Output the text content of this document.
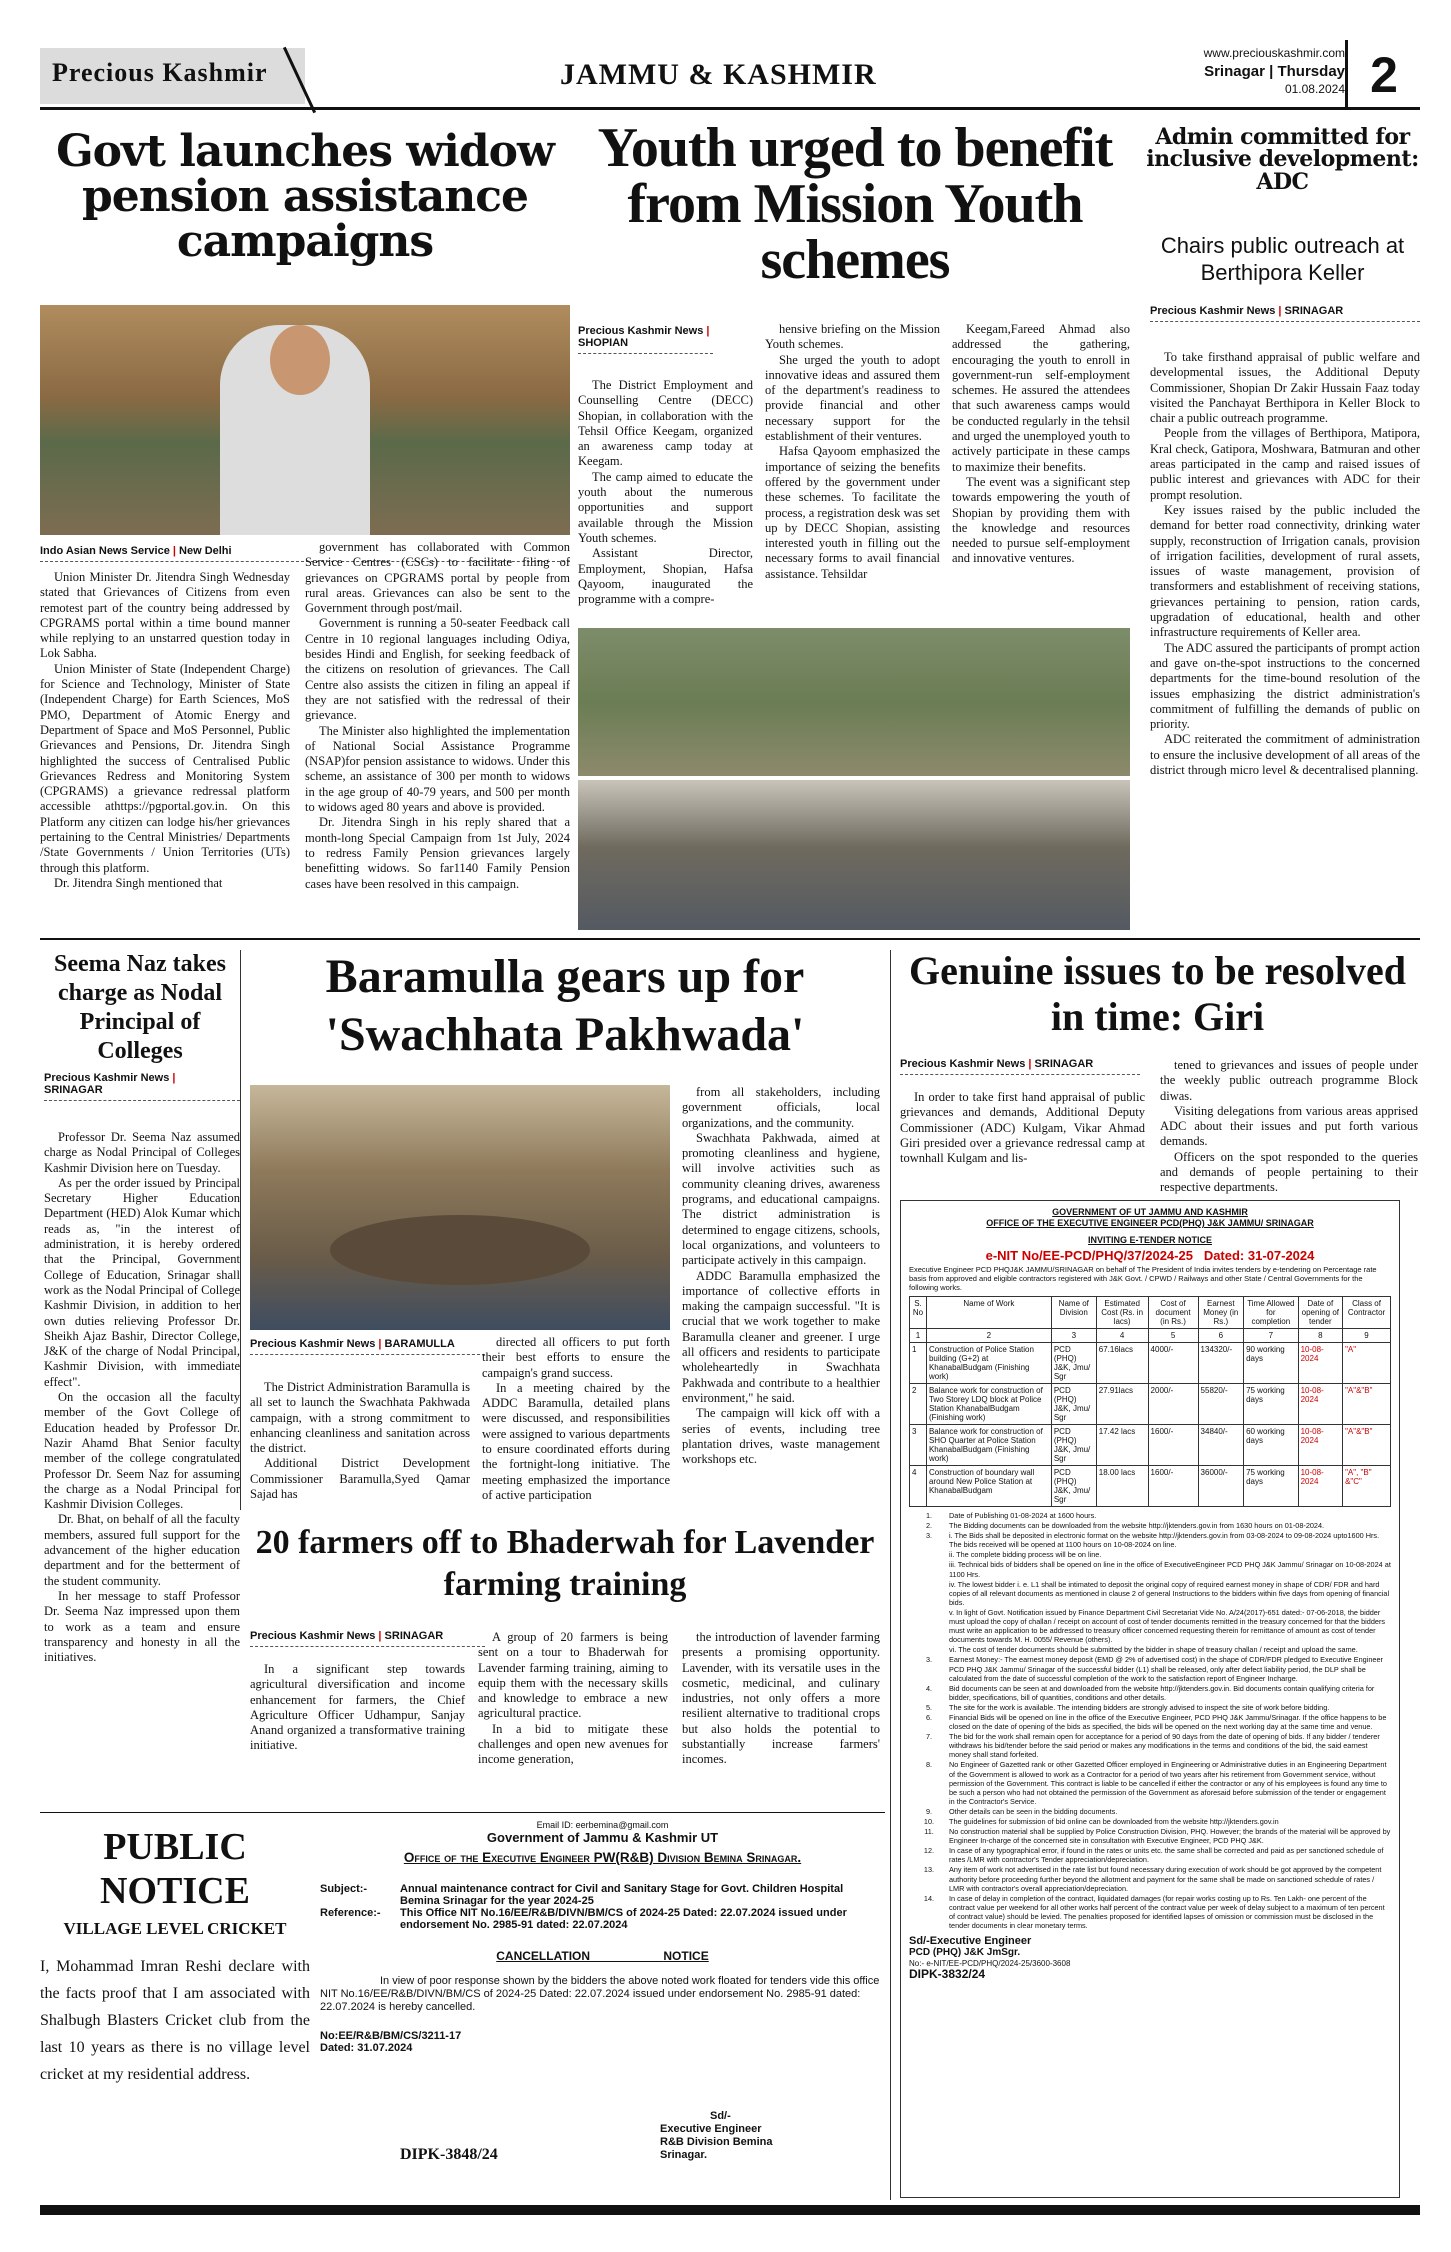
Precious Kashmir	JAMMU & KASHMIR
www.preciouskashmir.com
Srinagar | Thursday
01.08.2024 2
Govt launches widow pension assistance campaigns
Indo Asian News Service | New Delhi

Union Minister Dr. Jitendra Singh Wednesday stated that Grievances of Citizens from even remotest part of the country being addressed by CPGRAMS portal within a time bound manner while replying to an unstarred question today in Lok Sabha.

Union Minister of State (Independent Charge) for Science and Technology, Minister of State (Independent Charge) for Earth Sciences, MoS PMO, Department of Atomic Energy and Department of Space and MoS Personnel, Public Grievances and Pensions, Dr. Jitendra Singh highlighted the success of Centralised Public Grievances Redress and Monitoring System (CPGRAMS) a grievance redressal platform accessible athttps://pgportal.gov.in. On this Platform any citizen can lodge his/her grievances pertaining to the Central Ministries/ Departments /State Governments / Union Territories (UTs) through this platform.

Dr. Jitendra Singh mentioned that

government has collaborated with Common Service Centres (CSCs) to facilitate filing of grievances on CPGRAMS portal by people from rural areas. Grievances can also be sent to the Government through post/mail.

Government is running a 50-seater Feedback call Centre in 10 regional languages including Odiya, besides Hindi and English, for seeking feedback of the citizens on resolution of grievances. The Call Centre also assists the citizen in filing an appeal if they are not satisfied with the redressal of their grievance.

The Minister also highlighted the implementation of National Social Assistance Programme (NSAP)for pension assistance to widows. Under this scheme, an assistance of 300 per month to widows in the age group of 40-79 years, and 500 per month to widows aged 80 years and above is provided.

Dr. Jitendra Singh in his reply shared that a month-long Special Campaign from 1st July, 2024 to redress Family Pension grievances largely benefitting widows. So far1140 Family Pension cases have been resolved in this campaign.

Youth urged to benefit from Mission Youth schemes
Precious Kashmir News |
SHOPIAN

The District Employment and Counselling Centre (DECC) Shopian, in collaboration with the Tehsil Office Keegam, organized an awareness camp today at Keegam.

The camp aimed to educate the youth about the numerous opportunities and support available through the Mission Youth schemes.

Assistant Director, Employment, Shopian, Hafsa Qayoom, inaugurated the programme with a compre-

hensive briefing on the Mission Youth schemes.

She urged the youth to adopt innovative ideas and assured them of the department's readiness to provide financial and other necessary support for the establishment of their ventures.

Hafsa Qayoom emphasized the importance of seizing the benefits offered by the government under these schemes. To facilitate the process, a registration desk was set up by DECC Shopian, assisting interested youth in filling out the necessary forms to avail financial assistance. Tehsildar

Keegam,Fareed Ahmad also addressed the gathering, encouraging the youth to enroll in government-run self-employment schemes. He assured the attendees that such awareness camps would be conducted regularly in the tehsil and urged the unemployed youth to actively participate in these camps to maximize their benefits.

The event was a significant step towards empowering the youth of Shopian by providing them with the knowledge and resources needed to pursue self-employment and innovative ventures.

Admin committed for inclusive development: ADC
Chairs public outreach at Berthipora Keller
Precious Kashmir News | SRINAGAR

To take firsthand appraisal of public welfare and developmental issues, the Additional Deputy Commissioner, Shopian Dr Zakir Hussain Faaz today visited the Panchayat Berthipora in Keller Block to chair a public outreach programme.

People from the villages of Berthipora, Matipora, Kral check, Gatipora, Moshwara, Batmuran and other areas participated in the camp and raised issues of public interest and grievances with ADC for their prompt resolution.

Key issues raised by the public included the demand for better road connectivity, drinking water supply, reconstruction of Irrigation canals, provision of irrigation facilities, development of rural assets, issues of waste management, provision of transformers and establishment of receiving stations, grievances pertaining to pension, ration cards, upgradation of educational, health and other infrastructure requirements of Keller area.

The ADC assured the participants of prompt action and gave on-the-spot instructions to the concerned departments for the time-bound resolution of the issues emphasizing the district administration's commitment of fulfilling the demands of public on priority.

ADC reiterated the commitment of administration to ensure the inclusive development of all areas of the district through micro level & decentralised planning.

Seema Naz takes charge as Nodal Principal of Colleges
Precious Kashmir News |
SRINAGAR

Professor Dr. Seema Naz assumed charge as Nodal Principal of Colleges Kashmir Division here on Tuesday.

As per the order issued by Principal Secretary Higher Education Department (HED) Alok Kumar which reads as, "in the interest of administration, it is hereby ordered that the Principal, Government College of Education, Srinagar shall work as the Nodal Principal of College Kashmir Division, in addition to her own duties relieving Professor Dr. Sheikh Ajaz Bashir, Director College, J&K of the charge of Nodal Principal, Kashmir Division, with immediate effect".

On the occasion all the faculty member of the Govt College of Education headed by Professor Dr. Nazir Ahamd Bhat Senior faculty member of the college congratulated Professor Dr. Seem Naz for assuming the charge as a Nodal Principal for Kashmir Division Colleges.

Dr. Bhat, on behalf of all the faculty members, assured full support for the advancement of the higher education department and for the betterment of the student community.

In her message to staff Professor Dr. Seema Naz impressed upon them to work as a team and ensure transparency and honesty in all the initiatives.

Baramulla gears up for 'Swachhata Pakhwada'
Precious Kashmir News | BARAMULLA

The District Administration Baramulla is all set to launch the Swachhata Pakhwada campaign, with a strong commitment to enhancing cleanliness and sanitation across the district.

Additional District Development Commissioner Baramulla,Syed Qamar Sajad has

directed all officers to put forth their best efforts to ensure the campaign's grand success.

In a meeting chaired by the ADDC Baramulla, detailed plans were discussed, and responsibilities were assigned to various departments to ensure coordinated efforts during the fortnight-long initiative. The meeting emphasized the importance of active participation

from all stakeholders, including government officials, local organizations, and the community.

Swachhata Pakhwada, aimed at promoting cleanliness and hygiene, will involve activities such as community cleaning drives, awareness programs, and educational campaigns. The district administration is determined to engage citizens, schools, local organizations, and volunteers to participate actively in this campaign.

ADDC Baramulla emphasized the importance of collective efforts in making the campaign successful. "It is crucial that we work together to make Baramulla cleaner and greener. I urge all officers and residents to participate wholeheartedly in Swachhata Pakhwada and contribute to a healthier environment," he said.

The campaign will kick off with a series of events, including tree plantation drives, waste management workshops etc.

20 farmers off to Bhaderwah for Lavender farming training
Precious Kashmir News | SRINAGAR

In a significant step towards agricultural diversification and income enhancement for farmers, the Chief Agriculture Officer Udhampur, Sanjay Anand organized a transformative training initiative.

A group of 20 farmers is being sent on a tour to Bhaderwah for Lavender farming training, aiming to equip them with the necessary skills and knowledge to embrace a new agricultural practice.

In a bid to mitigate these challenges and open new avenues for income generation,

the introduction of lavender farming presents a promising opportunity. Lavender, with its versatile uses in the cosmetic, medicinal, and culinary industries, not only offers a more resilient alternative to traditional crops but also holds the potential to substantially increase farmers' incomes.

Genuine issues to be resolved in time: Giri
Precious Kashmir News | SRINAGAR

In order to take first hand appraisal of public grievances and demands, Additional Deputy Commissioner (ADC) Kulgam, Vikar Ahmad Giri presided over a grievance redressal camp at townhall Kulgam and lis-

tened to grievances and issues of people under the weekly public outreach programme Block diwas.

Visiting delegations from various areas apprised ADC about their issues and put forth various demands.

Officers on the spot responded to the queries and demands of people pertaining to their respective departments.

GOVERNMENT OF UT JAMMU AND KASHMIR
OFFICE OF THE EXECUTIVE ENGINEER PCD(PHQ) J&K JAMMU/ SRINAGAR
INVITING E-TENDER NOTICE
e-NIT No/EE-PCD/PHQ/37/2024-25 Dated: 31-07-2024
Executive Engineer PCD PHQJ&K JAMMU/SRINAGAR on behalf of The President of India invites tenders by e-tendering on Percentage rate basis from approved and eligible contractors registered with J&K Govt. / CPWD / Railways and other State / Central Governments for the following works.
S. No	Name of Work	Name of Division	Estimated Cost (Rs. in lacs)	Cost of document (in Rs.)	Earnest Money (in Rs.)	Time Allowed for completion	Date of opening of tender	Class of Contractor
1	2	3	4	5	6	7	8	9
1	Construction of Police Station building (G+2) at KhanabalBudgam (Finishing work)	PCD (PHQ) J&K, Jmu/ Sgr	67.16lacs	4000/-	134320/-	90 working days	10-08-2024	"A"
2	Balance work for construction of Two Storey LDQ block at Police Station KhanabalBudgam (Finishing work)	PCD (PHQ) J&K, Jmu/ Sgr	27.91lacs	2000/-	55820/-	75 working days	10-08-2024	"A"&"B"
3	Balance work for construction of SHO Quarter at Police Station KhanabalBudgam (Finishing work)	PCD (PHQ) J&K, Jmu/ Sgr	17.42 lacs	1600/-	34840/-	60 working days	10-08-2024	"A"&"B"
4	Construction of boundary wall around New Police Station at KhanabalBudgam	PCD (PHQ) J&K, Jmu/ Sgr	18.00 lacs	1600/-	36000/-	75 working days	10-08-2024	"A", "B" &"C"
1.	Date of Publishing 01-08-2024 at 1600 hours.
2.	The Bidding documents can be downloaded from the website http://jktenders.gov.in from 1630 hours on 01-08-2024.
3.	i. The Bids shall be deposited in electronic format on the website http://jktenders.gov.in from 03-08-2024 to 09-08-2024 upto1600 Hrs. The bids received will be opened at 1100 hours on 10-08-2024 on line.
ii. The complete bidding process will be on line.
iii. Technical bids of bidders shall be opened on line in the office of ExecutiveEngineer PCD PHQ J&K Jammu/ Srinagar on 10-08-2024 at 1100 Hrs.
iv. The lowest bidder i. e. L1 shall be intimated to deposit the original copy of required earnest money in shape of CDR/ FDR and hard copies of all relevant documents as mentioned in clause 2 of general Instructions to the bidders within five days from opening of financial bids.
v. In light of Govt. Notification issued by Finance Department Civil Secretariat Vide No. A/24(2017)-651 dated:- 07-06-2018, the bidder must upload the copy of challan / receipt on account of cost of tender documents remitted in the treasury concerned for that the bidders must write an application to be addressed to treasury officer concerned requesting therein for remittance of amount as cost of tender documents towards M. H. 0055/ Revenue (others).
vi. The cost of tender documents should be submitted by the bidder in shape of treasury challan / receipt and upload the same.
3.	Earnest Money:- The earnest money deposit (EMD @ 2% of advertised cost) in the shape of CDR/FDR pledged to Executive Engineer PCD PHQ J&K Jammu/ Srinagar of the successful bidder (L1) shall be released, only after defect liability period, the DLP shall be calculated from the date of successful completion of the work to the satisfaction report of Engineer Incharge.
4.	Bid documents can be seen at and downloaded from the website http://jktenders.gov.in. Bid documents contain qualifying criteria for bidder, specifications, bill of quantities, conditions and other details.
5.	The site for the work is available. The intending bidders are strongly advised to inspect the site of work before bidding.
6.	Financial Bids will be opened on line in the office of the Executive Engineer, PCD PHQ J&K Jammu/Srinagar. If the office happens to be closed on the date of opening of the bids as specified, the bids will be opened on the next working day at the same time and venue.
7.	The bid for the work shall remain open for acceptance for a period of 90 days from the date of opening of bids. If any bidder / tenderer withdraws his bid/tender before the said period or makes any modifications in the terms and conditions of the bid, the said earnest money shall stand forfeited.
8.	No Engineer of Gazetted rank or other Gazetted Officer employed in Engineering or Administrative duties in an Engineering Department of the Government is allowed to work as a Contractor for a period of two years after his retirement from Government service, without permission of the Government. This contract is liable to be cancelled if either the contractor or any of his employees is found any time to be such a person who had not obtained the permission of the Government as aforesaid before submission of the tender or engagement in the Contractor's Service.
9.	Other details can be seen in the bidding documents.
10.	The guidelines for submission of bid online can be downloaded from the website http://jktenders.gov.in
11.	No construction material shall be supplied by Police Construction Division, PHQ. However; the brands of the material will be approved by Engineer In-charge of the concerned site in consultation with Executive Engineer, PCD PHQ J&K.
12.	In case of any typographical error, if found in the rates or units etc. the same shall be corrected and paid as per sanctioned schedule of rates /LMR with contractor's Tender appreciation/depreciation.
13.	Any item of work not advertised in the rate list but found necessary during execution of work should be got approved by the competent authority before proceeding further beyond the allotment and payment for the same shall be made on sanctioned schedule of rates / LMR with contractor's overall appreciation/depreciation.
14.	In case of delay in completion of the contract, liquidated damages (for repair works costing up to Rs. Ten Lakh- one percent of the contract value per weekend for all other works half percent of the contract value per week of delay subject to a maximum of ten percent of contract value) should be levied. The penalties proposed for identified lapses of omission or commission must be disclosed in the tender documents in clear monetary terms.
Sd/-Executive Engineer
PCD (PHQ) J&K JmSgr.
No:- e-NIT/EE-PCD/PHQ/2024-25/3600-3608
DIPK-3832/24
PUBLIC
NOTICE
VILLAGE LEVEL CRICKET
I, Mohammad Imran Reshi declare with the facts proof that I am associated with Shalbugh Blasters Cricket club from the last 10 years as there is no village level cricket at my residential address.
Email ID: eerbemina@gmail.com
Government of Jammu & Kashmir UT
Office of the Executive Engineer PW(R&B) Division Bemina Srinagar.
Subject:-	Annual maintenance contract for Civil and Sanitary Stage for Govt. Children Hospital Bemina Srinagar for the year 2024-25
Reference:-	This Office NIT No.16/EE/R&B/DIVN/BM/CS of 2024-25 Dated: 22.07.2024 issued under endorsement No. 2985-91 dated: 22.07.2024
CANCELLATION	NOTICE
In view of poor response shown by the bidders the above noted work floated for tenders vide this office NIT No.16/EE/R&B/DIVN/BM/CS of 2024-25 Dated: 22.07.2024 issued under endorsement No. 2985-91 dated: 22.07.2024 is hereby cancelled.
No:EE/R&B/BM/CS/3211-17
Dated: 31.07.2024
DIPK-3848/24
Sd/-
Executive Engineer
R&B Division Bemina
Srinagar.
